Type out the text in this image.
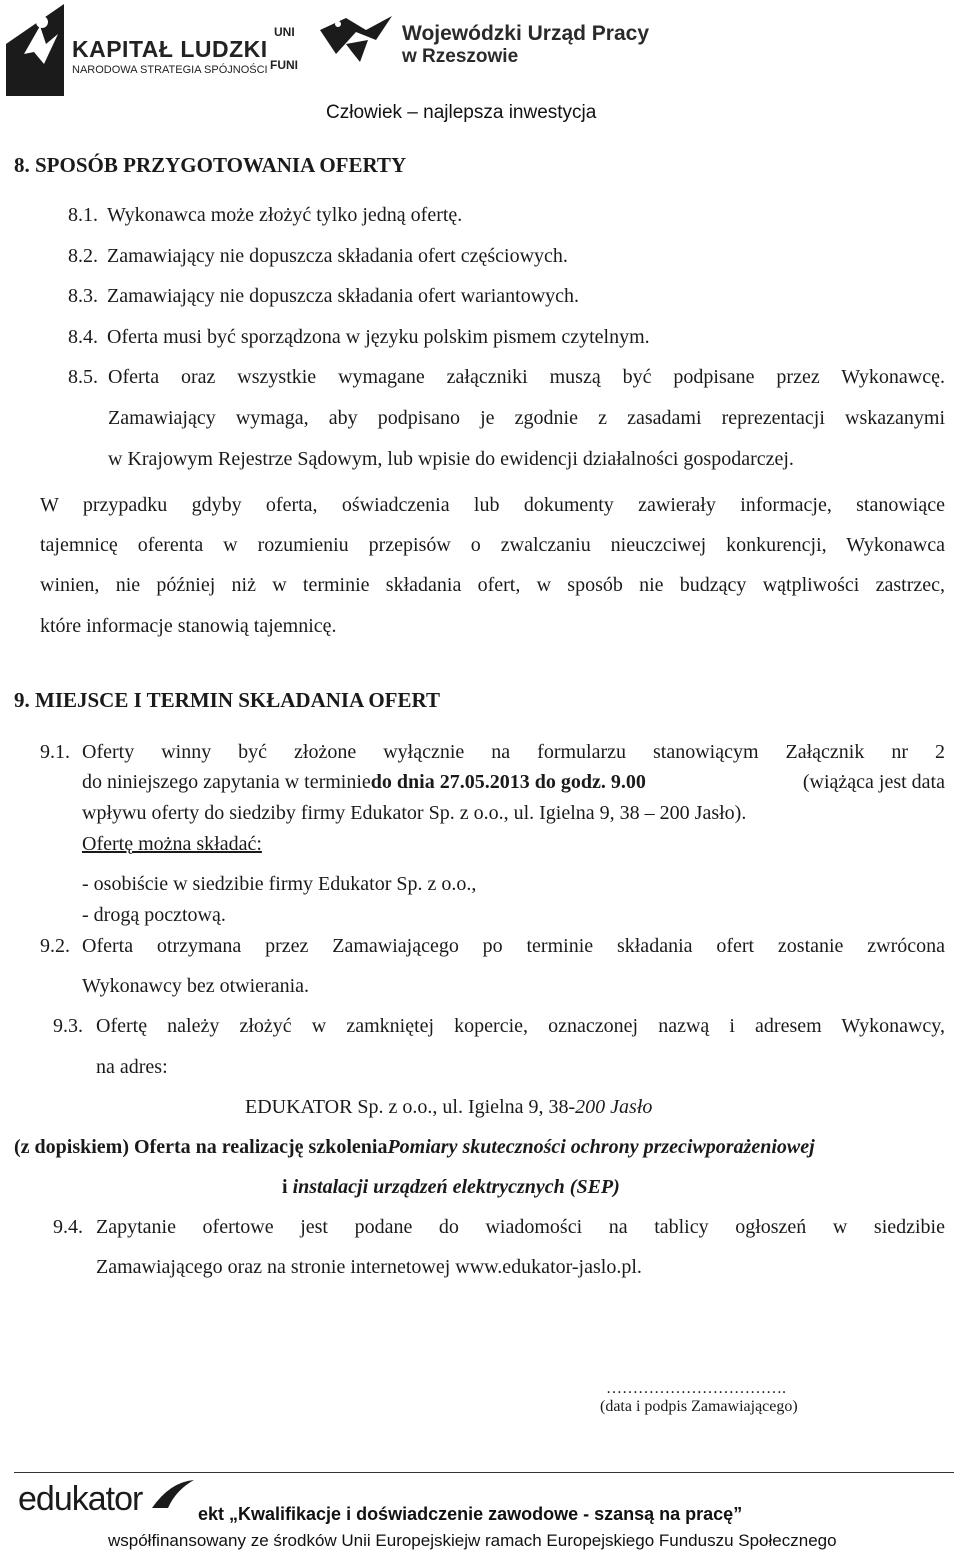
KAPITAŁ LUDZKI
NARODOWA STRATEGIA SPÓJNOŚCI
UNI
FUNI
Wojewódzki Urząd Pracy
w Rzeszowie
Człowiek – najlepsza inwestycja
8. SPOSÓB PRZYGOTOWANIA OFERTY
8.1. Wykonawca może złożyć tylko jedną ofertę.
8.2. Zamawiający nie dopuszcza składania ofert częściowych.
8.3. Zamawiający nie dopuszcza składania ofert wariantowych.
8.4. Oferta musi być sporządzona w języku polskim pismem czytelnym.
8.5. Oferta oraz wszystkie wymagane załączniki muszą być podpisane przez Wykonawcę.
Zamawiający wymaga, aby podpisano je zgodnie z zasadami reprezentacji wskazanymi
w Krajowym Rejestrze Sądowym, lub wpisie do ewidencji działalności gospodarczej.
W przypadku gdyby oferta, oświadczenia lub dokumenty zawierały informacje, stanowiące
tajemnicę oferenta w rozumieniu przepisów o zwalczaniu nieuczciwej konkurencji, Wykonawca
winien, nie później niż w terminie składania ofert, w sposób nie budzący wątpliwości zastrzec,
które informacje stanowią tajemnicę.
9. MIEJSCE I TERMIN SKŁADANIA OFERT
9.1. Oferty winny być złożone wyłącznie na formularzu stanowiącym Załącznik nr 2
do niniejszego zapytania w terminiedo dnia 27.05.2013 do godz. 9.00	(wiążąca jest data
wpływu oferty do siedziby firmy Edukator Sp. z o.o., ul. Igielna 9, 38 – 200 Jasło).
Ofertę można składać:
- osobiście w siedzibie firmy Edukator Sp. z o.o.,
- drogą pocztową.
9.2. Oferta otrzymana przez Zamawiającego po terminie składania ofert zostanie zwrócona
Wykonawcy bez otwierania.
9.3. Ofertę należy złożyć w zamkniętej kopercie, oznaczonej nazwą i adresem Wykonawcy,
na adres:
EDUKATOR Sp. z o.o., ul. Igielna 9, 38-200 Jasło
(z dopiskiem) Oferta na realizację szkoleniaPomiary skuteczności ochrony przeciwporażeniowej
i instalacji urządzeń elektrycznych (SEP)
9.4. Zapytanie ofertowe jest podane do wiadomości na tablicy ogłoszeń w siedzibie
Zamawiającego oraz na stronie internetowej www.edukator-jaslo.pl.
…………………………….
(data i podpis Zamawiającego)
edukator	ekt „Kwalifikacje i doświadczenie zawodowe - szansą na pracę”
współfinansowany ze środków Unii Europejskiejw ramach Europejskiego Funduszu Społecznego
